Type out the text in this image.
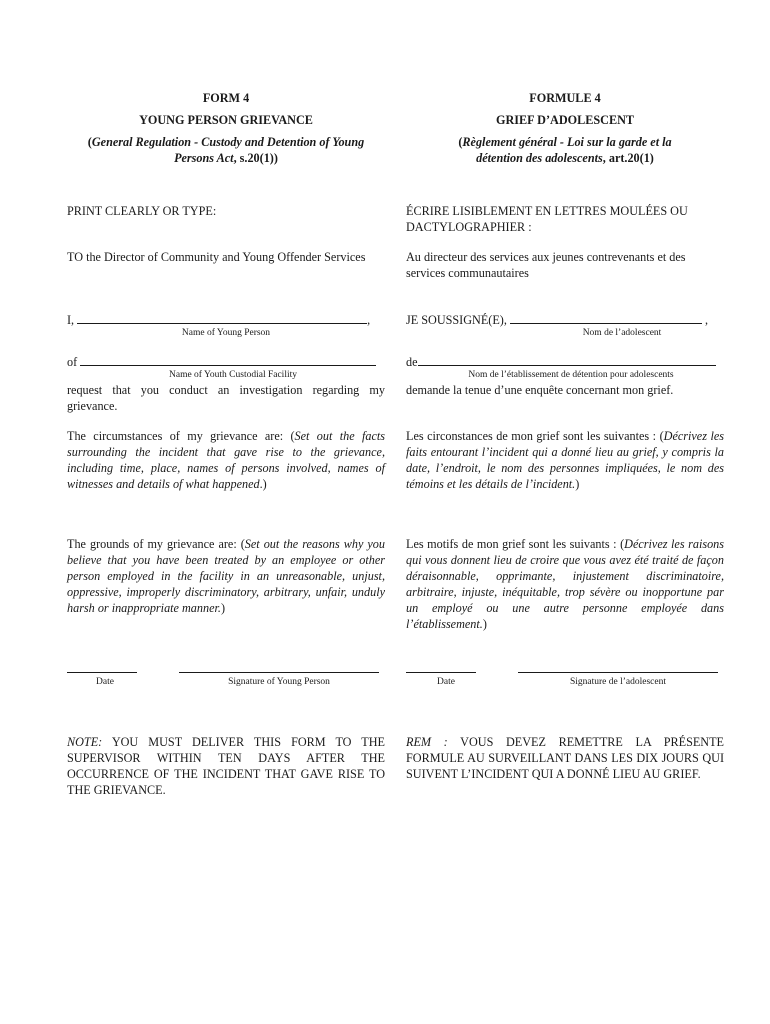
FORM 4
YOUNG PERSON GRIEVANCE
(General Regulation - Custody and Detention of Young Persons Act, s.20(1))
PRINT CLEARLY OR TYPE:
TO the Director of Community and Young Offender Services
I,	,
Name of Young Person
of
Name of Youth Custodial Facility
request that you conduct an investigation regarding my grievance.
The circumstances of my grievance are: (Set out the facts surrounding the incident that gave rise to the grievance, including time, place, names of persons involved, names of witnesses and details of what happened.)
The grounds of my grievance are: (Set out the reasons why you believe that you have been treated by an employee or other person employed in the facility in an unreasonable, unjust, oppressive, improperly discriminatory, arbitrary, unfair, unduly harsh or inappropriate manner.)
Date	Signature of Young Person
NOTE: YOU MUST DELIVER THIS FORM TO THE SUPERVISOR WITHIN TEN DAYS AFTER THE OCCURRENCE OF THE INCIDENT THAT GAVE RISE TO THE GRIEVANCE.
FORMULE 4
GRIEF D’ADOLESCENT
(Règlement général - Loi sur la garde et la détention des adolescents, art.20(1)
ÉCRIRE LISIBLEMENT EN LETTRES MOULÉES OU DACTYLOGRAPHIER :
Au directeur des services aux jeunes contrevenants et des services communautaires
JE SOUSSIGNÉ(E),	,
Nom de l’adolescent
de
Nom de l’établissement de détention pour adolescents
demande la tenue d’une enquête concernant mon grief.
Les circonstances de mon grief sont les suivantes : (Décrivez les faits entourant l’incident qui a donné lieu au grief, y compris la date, l’endroit, le nom des personnes impliquées, le nom des témoins et les détails de l’incident.)
Les motifs de mon grief sont les suivants : (Décrivez les raisons qui vous donnent lieu de croire que vous avez été traité de façon déraisonnable, opprimante, injustement discriminatoire, arbitraire, injuste, inéquitable, trop sévère ou inopportune par un employé ou une autre personne employée dans l’établissement.)
Date	Signature de l’adolescent
REM : VOUS DEVEZ REMETTRE LA PRÉSENTE FORMULE AU SURVEILLANT DANS LES DIX JOURS QUI SUIVENT L’INCIDENT QUI A DONNÉ LIEU AU GRIEF.
